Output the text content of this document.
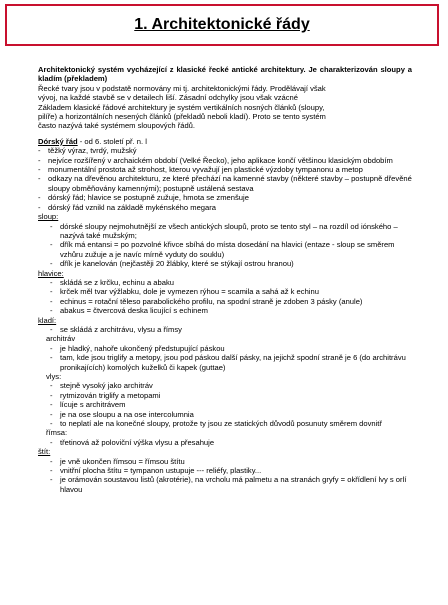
1. Architektonické řády

Architektonický systém vycházející z klasické řecké antické architektury. Je charakterizován sloupy a kladím (překladem)

Řecké tvary jsou v podstatě normovány mi tj. architektonickými řády. Prodělávají však
vývoj, na každé stavbě se v detailech liší. Zásadní odchylky jsou však vzácné
Základem klasické řádové architektury je systém vertikálních nosných článků (sloupy,
pilíře) a horizontálních nesených článků (překladů neboli kladí). Proto se tento systém
často nazývá také systémem sloupových řádů.
Dórský řád - od 6. století př. n. l
- těžký výraz, tvrdý, mužský
- nejvíce rozšířený v archaickém období (Velké Řecko), jeho aplikace končí většinou klasickým obdobím
- monumentální prostota až strohost, kterou vyvažují jen plastické výzdoby tympanonu a metop
- odkazy na dřevěnou architekturu, ze které přechází na kamenné stavby (některé stavby – postupně dřevěné sloupy obměňovány kamennými); postupně ustálená sestava
- dórský řád; hlavice se postupně zužuje, hmota se zmenšuje
- dórský řád vznikl na základě mykénského megara
sloup:
- dórské sloupy nejmohutnější ze všech antických sloupů, proto se tento styl – na rozdíl od iónského – nazývá také mužským;
- dřík má entansi = po pozvolné křivce sbíhá do místa dosedání na hlavici (entaze - sloup se směrem vzhůru zužuje a je navíc mírně vyduty do souklu)
- dřík je kanelován (nejčastěji 20 žlábky, které se stýkají ostrou hranou)
hlavice:
- skládá se z krčku, echinu a abaku
- krček měl tvar výžlabku, dole je vymezen rýhou = scamila a sahá až k echinu
- echinus = rotační těleso parabolického profilu, na spodní straně je zdoben 3 pásky (anule)
- abakus = čtvercová deska licující s echinem
kladí:
- se skládá z architrávu, vlysu a římsy
architráv
- je hladký, nahoře ukončený předstupující páskou
- tam, kde jsou triglify a metopy, jsou pod páskou další pásky, na jejichž spodní straně je 6 (do architrávu pronikajících) komolých kuželků či kapek (guttae)
vlys:
- stejně vysoký jako architráv
- rytmizován triglify a metopami
- lícuje s architrávem
- je na ose sloupu a na ose intercolumnia
- to neplatí ale na konečné sloupy, protože ty jsou ze statických důvodů posunuty směrem dovnitř
římsa:
- třetinová až poloviční výška vlysu a přesahuje
štít:
- je vně ukončen římsou = římsou štítu
- vnitřní plocha štítu = tympanon ustupuje --- reliéfy, plastiky...
- je orámován soustavou listů (akrotérie), na vrcholu má palmetu a na stranách gryfy = okřídlení lvy s orlí hlavou
